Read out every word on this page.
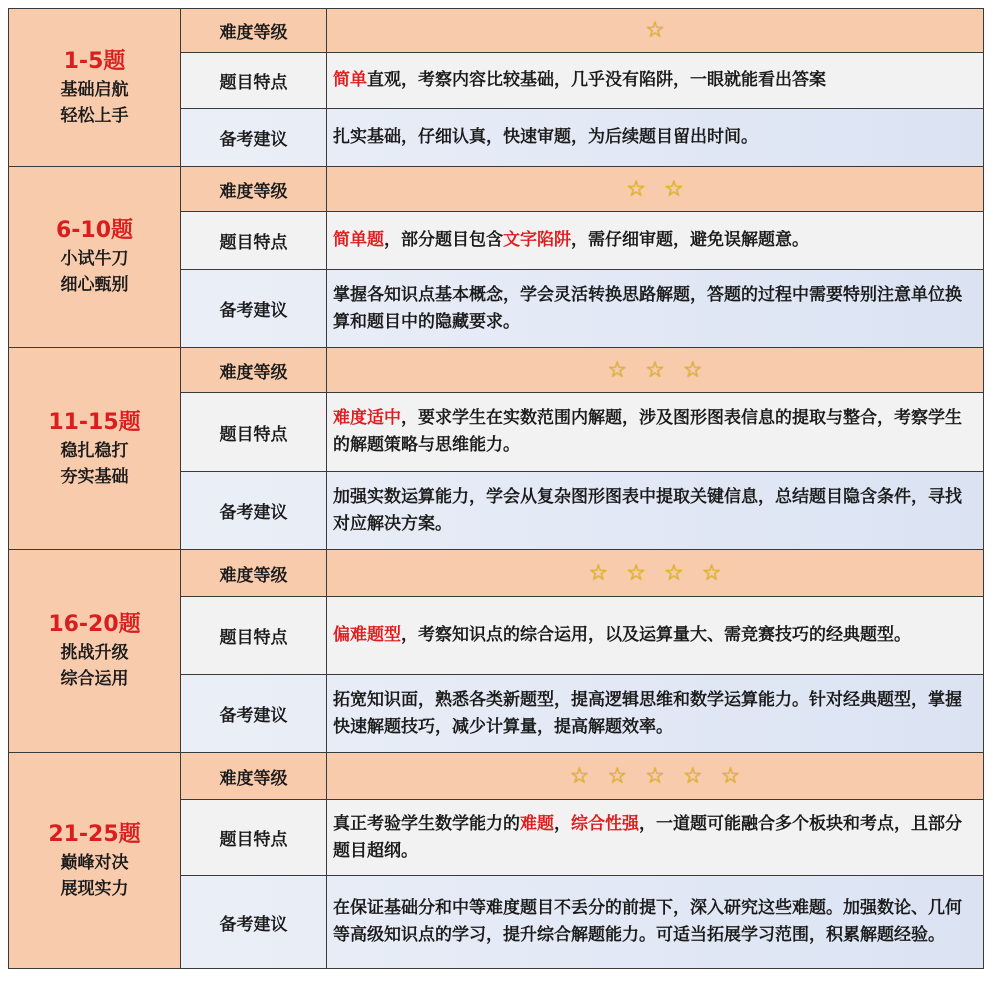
1-5题
基础启航
轻松上手	难度等级	☆
	题目特点	简单直观，考察内容比较基础，几乎没有陷阱，一眼就能看出答案
	备考建议	扎实基础，仔细认真，快速审题，为后续题目留出时间。

6-10题
小试牛刀
细心甄别	难度等级	☆☆
	题目特点	简单题，部分题目包含文字陷阱，需仔细审题，避免误解题意。
	备考建议	掌握各知识点基本概念，学会灵活转换思路解题，答题的过程中需要特别注意单位换算和题目中的隐藏要求。

11-15题
稳扎稳打
夯实基础	难度等级	☆☆☆
	题目特点	难度适中，要求学生在实数范围内解题，涉及图形图表信息的提取与整合，考察学生的解题策略与思维能力。
	备考建议	加强实数运算能力，学会从复杂图形图表中提取关键信息，总结题目隐含条件，寻找对应解决方案。

16-20题
挑战升级
综合运用	难度等级	☆☆☆☆
	题目特点	偏难题型，考察知识点的综合运用，以及运算量大、需竞赛技巧的经典题型。
	备考建议	拓宽知识面，熟悉各类新题型，提高逻辑思维和数学运算能力。针对经典题型，掌握快速解题技巧，减少计算量，提高解题效率。

21-25题
巅峰对决
展现实力	难度等级	☆☆☆☆☆
	题目特点	真正考验学生数学能力的难题，综合性强，一道题可能融合多个板块和考点，且部分题目超纲。
	备考建议	在保证基础分和中等难度题目不丢分的前提下，深入研究这些难题。加强数论、几何等高级知识点的学习，提升综合解题能力。可适当拓展学习范围，积累解题经验。
